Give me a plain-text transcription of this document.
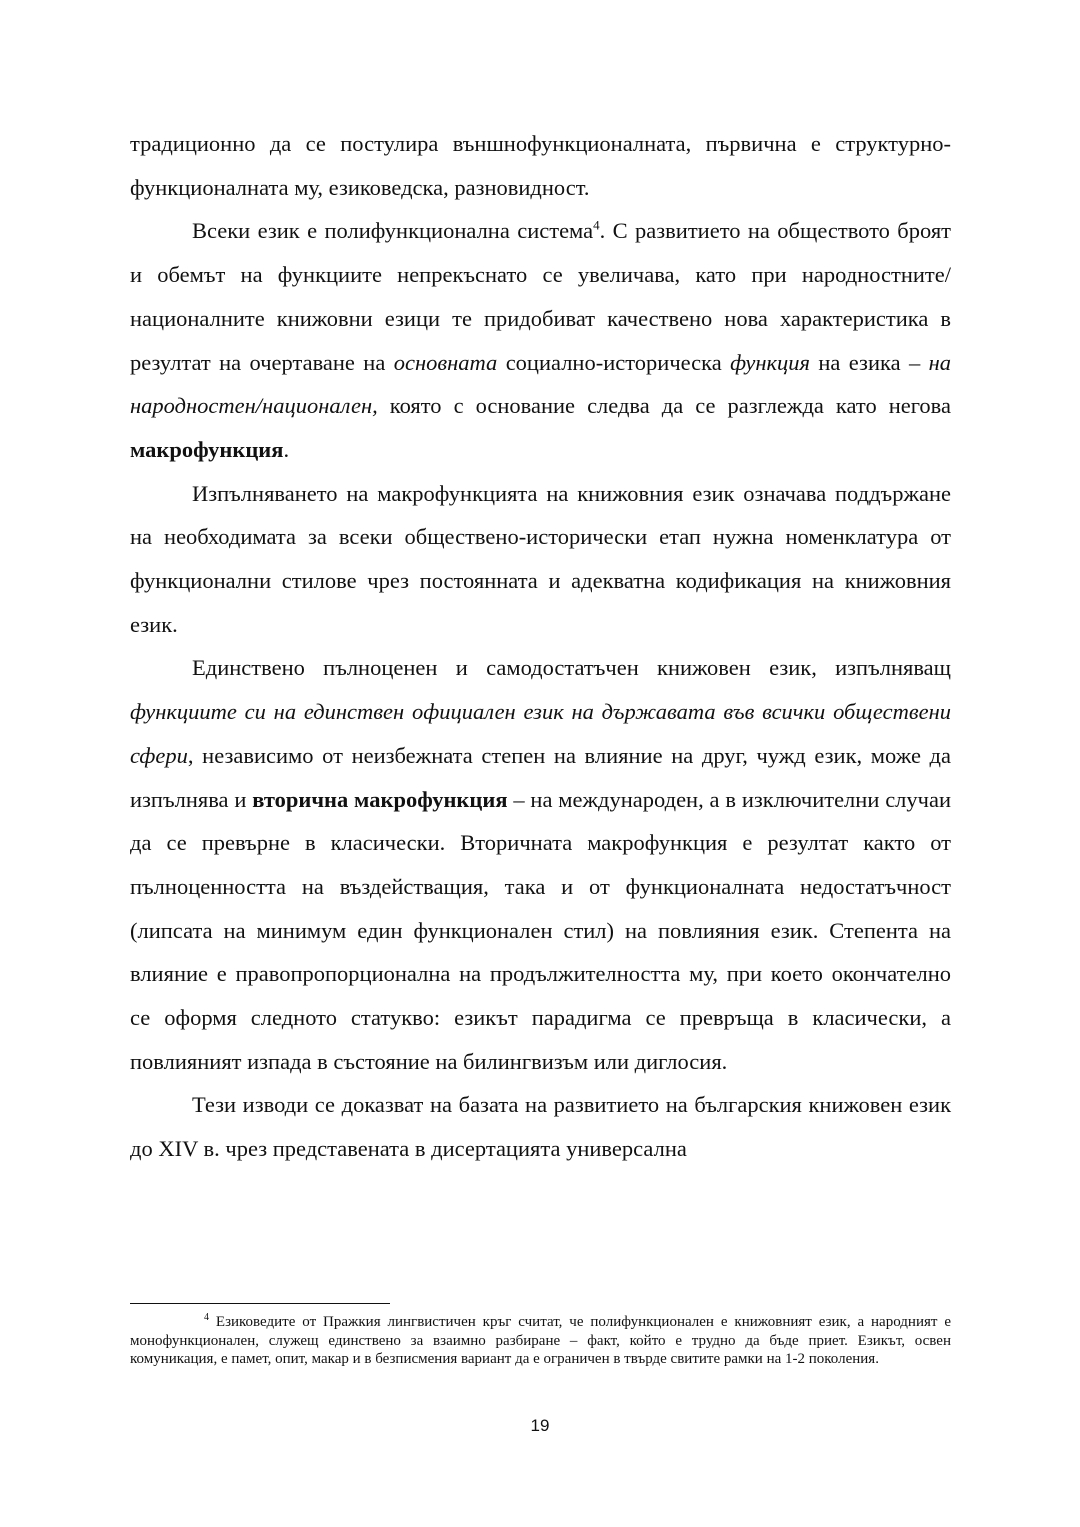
традиционно да се постулира външнофункционалната, първична е структурно-функционалната му, езиковедска, разновидност.

Всеки език е полифункционална система$^4$. С развитието на обществото броят и обемът на функциите непрекъснато се увеличава, като при народностните/националните книжовни езици те придобиват качествено нова характеристика в резултат на очертаване на основната социално-историческа функция на езика – на народностен/национален, която с основание следва да се разглежда като негова макрофункция.

Изпълняването на макрофункцията на книжовния език означава поддържане на необходимата за всеки обществено-исторически етап нужна номенклатура от функционални стилове чрез постоянната и адекватна кодификация на книжовния език.

Единствено пълноценен и самодостатъчен книжовен език, изпълняващ функциите си на единствен официален език на държавата във всички обществени сфери, независимо от неизбежната степен на влияние на друг, чужд език, може да изпълнява и вторична макрофункция – на международен, а в изключителни случаи да се превърне в класически. Вторичната макрофункция е резултат както от пълноценността на въздействащия, така и от функционалната недостатъчност (липсата на минимум един функционален стил) на повлияния език. Степента на влияние е правопропорционална на продължителността му, при което окончателно се оформя следното статукво: езикът парадигма се превръща в класически, а повлияният изпада в състояние на билингвизъм или диглосия.

Тези изводи се доказват на базата на развитието на българския книжовен език до XIV в. чрез представената в дисертацията универсална

$^4$ Езиковедите от Пражкия лингвистичен кръг считат, че полифункционален е книжовният език, а народният е монофункционален, служещ единствено за взаимно разбиране – факт, който е трудно да бъде приет. Езикът, освен комуникация, е памет, опит, макар и в безписмения вариант да е ограничен в твърде свитите рамки на 1-2 поколения.

19
